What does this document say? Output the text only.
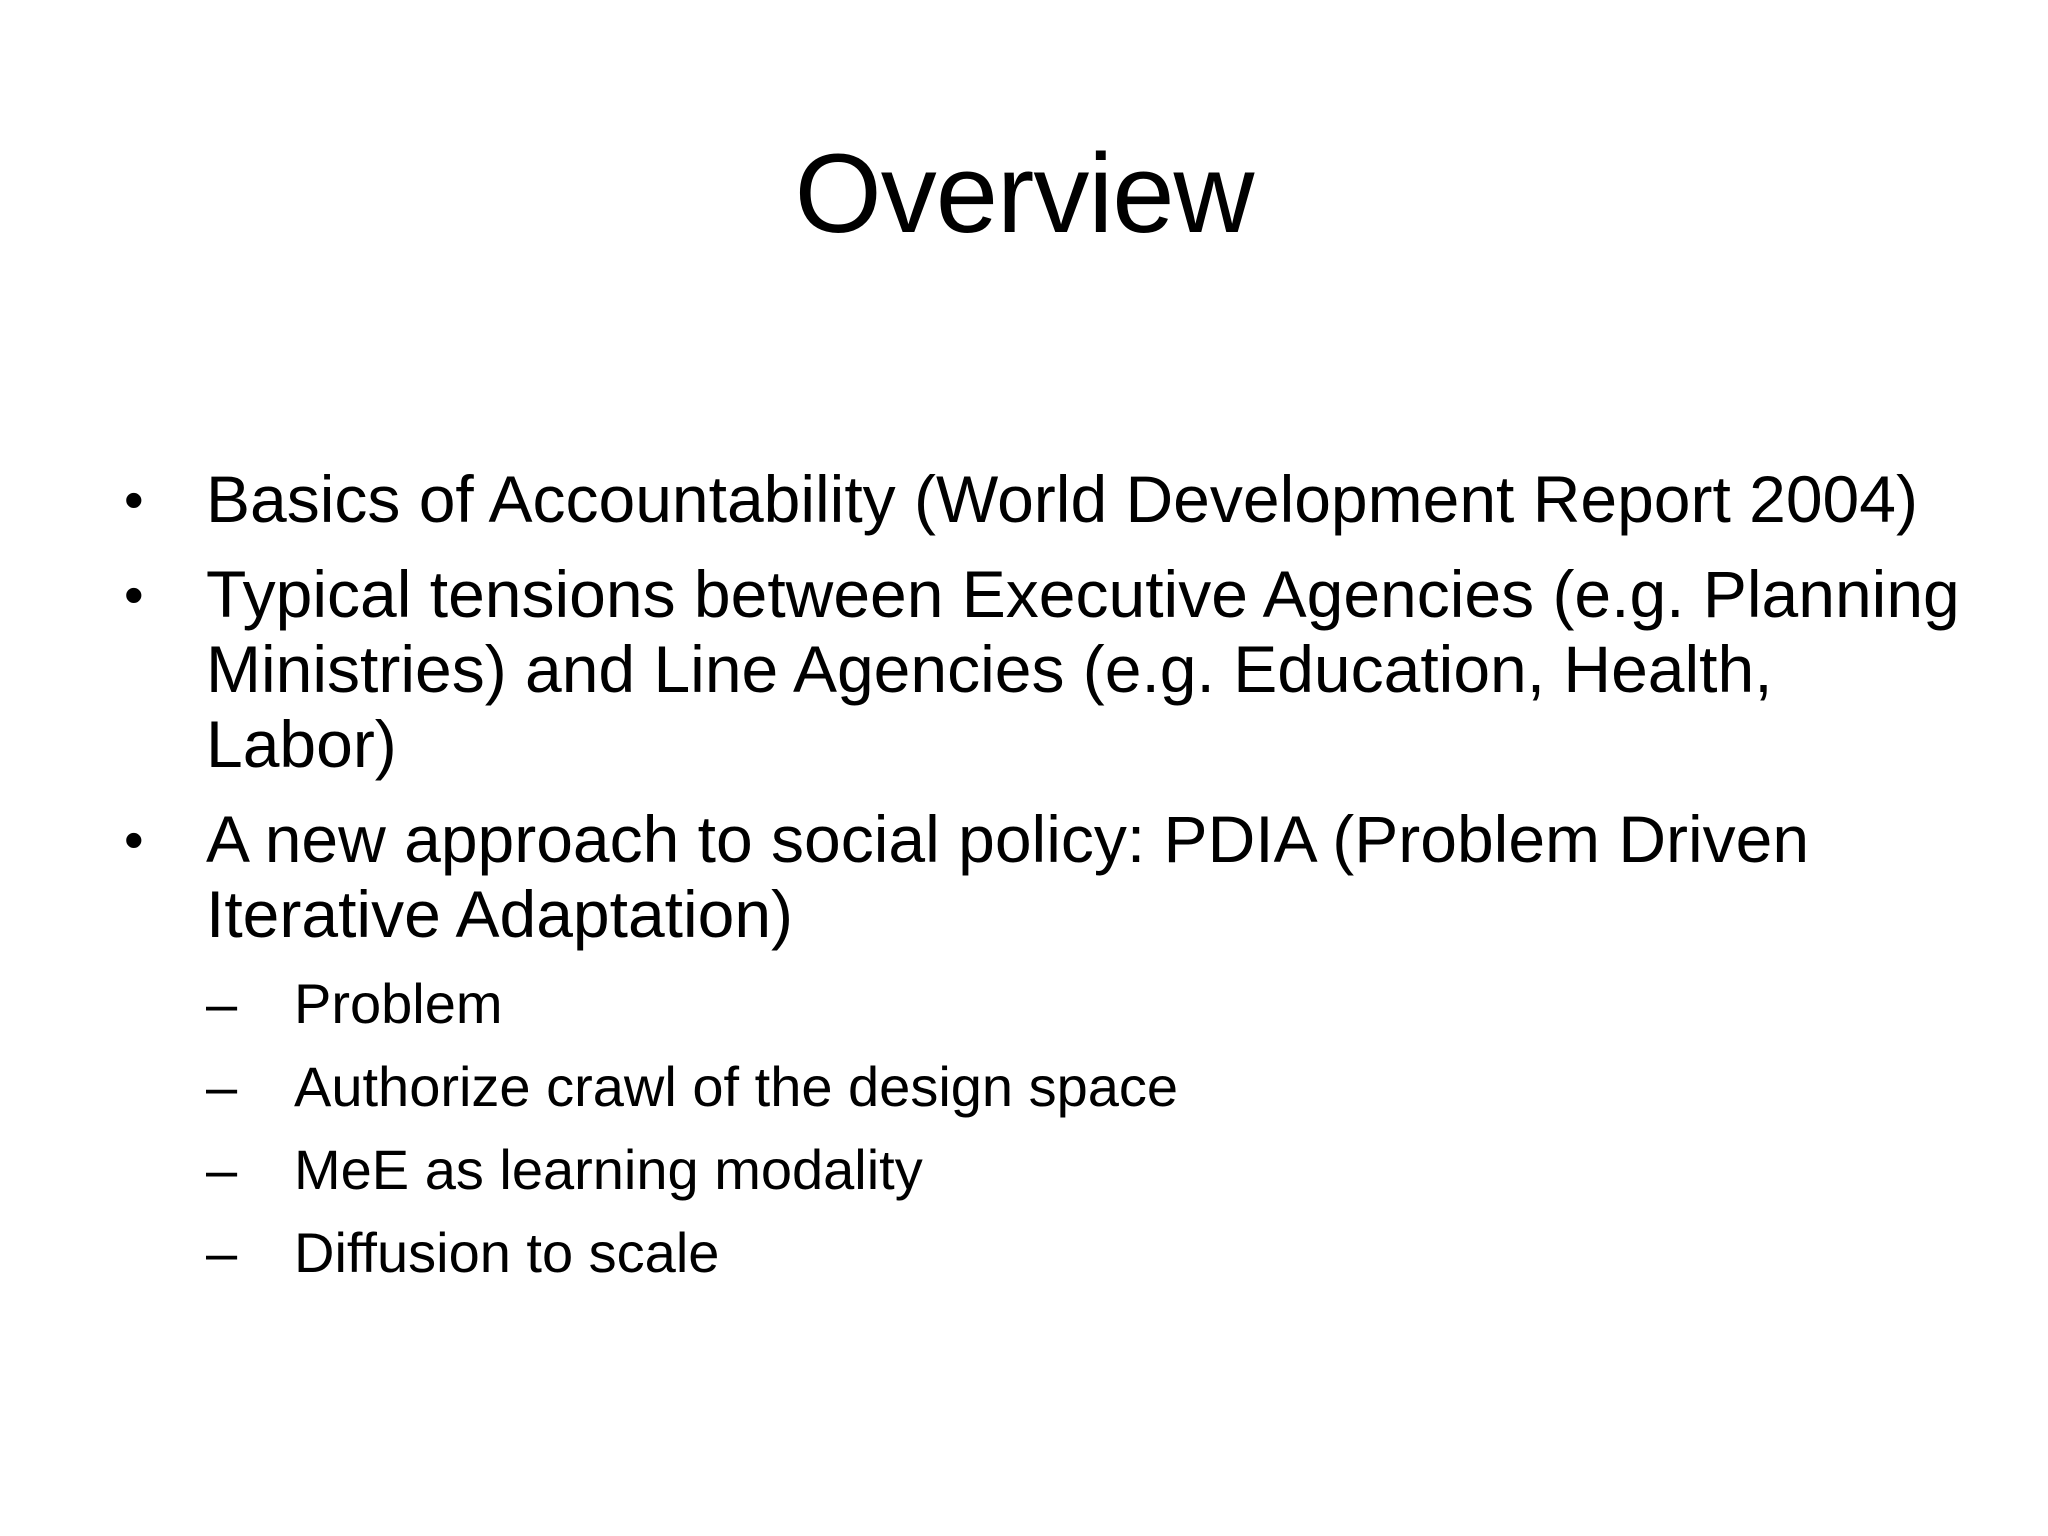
Overview
• Basics of Accountability (World Development Report 2004)
• Typical tensions between Executive Agencies (e.g. Planning Ministries) and Line Agencies (e.g. Education, Health, Labor)
• A new approach to social policy: PDIA (Problem Driven Iterative Adaptation)
– Problem
– Authorize crawl of the design space
– MeE as learning modality
– Diffusion to scale
